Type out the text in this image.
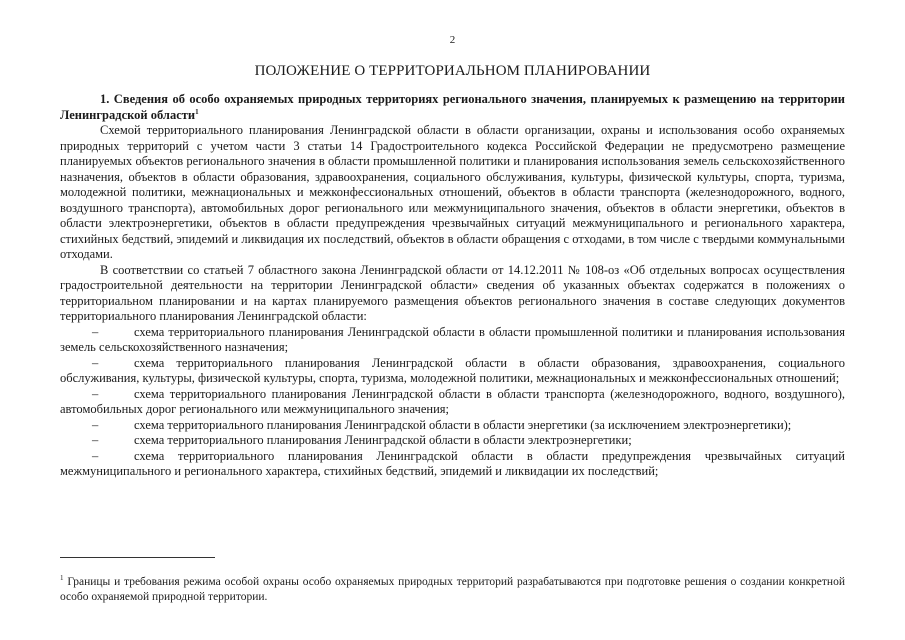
2
ПОЛОЖЕНИЕ О ТЕРРИТОРИАЛЬНОМ ПЛАНИРОВАНИИ
1. Сведения об особо охраняемых природных территориях регионального значения, планируемых к размещению на территории Ленинградской области$^1$

Схемой территориального планирования Ленинградской области в области организации, охраны и использования особо охраняемых природных территорий с учетом части 3 статьи 14 Градостроительного кодекса Российской Федерации не предусмотрено размещение планируемых объектов регионального значения в области промышленной политики и планирования использования земель сельскохозяйственного назначения, объектов в области образования, здравоохранения, социального обслуживания, культуры, физической культуры, спорта, туризма, молодежной политики, межнациональных и межконфессиональных отношений, объектов в области транспорта (железнодорожного, водного, воздушного транспорта), автомобильных дорог регионального или межмуниципального значения, объектов в области энергетики, объектов в области электроэнергетики, объектов в области предупреждения чрезвычайных ситуаций межмуниципального и регионального характера, стихийных бедствий, эпидемий и ликвидация их последствий, объектов в области обращения с отходами, в том числе с твердыми коммунальными отходами.

В соответствии со статьей 7 областного закона Ленинградской области от 14.12.2011 № 108-оз «Об отдельных вопросах осуществления градостроительной деятельности на территории Ленинградской области» сведения об указанных объектах содержатся в положениях о территориальном планировании и на картах планируемого размещения объектов регионального значения в составе следующих документов территориального планирования Ленинградской области:

–	схема территориального планирования Ленинградской области в области промышленной политики и планирования использования земель сельскохозяйственного назначения;

–	схема территориального планирования Ленинградской области в области образования, здравоохранения, социального обслуживания, культуры, физической культуры, спорта, туризма, молодежной политики, межнациональных и межконфессиональных отношений;

–	схема территориального планирования Ленинградской области в области транспорта (железнодорожного, водного, воздушного), автомобильных дорог регионального или межмуниципального значения;

–	схема территориального планирования Ленинградской области в области энергетики (за исключением электроэнергетики);

–	схема территориального планирования Ленинградской области в области электроэнергетики;

–	схема территориального планирования Ленинградской области в области предупреждения чрезвычайных ситуаций межмуниципального и регионального характера, стихийных бедствий, эпидемий и ликвидации их последствий;

$^1$ Границы и требования режима особой охраны особо охраняемых природных территорий разрабатываются при подготовке решения о создании конкретной особо охраняемой природной территории.
